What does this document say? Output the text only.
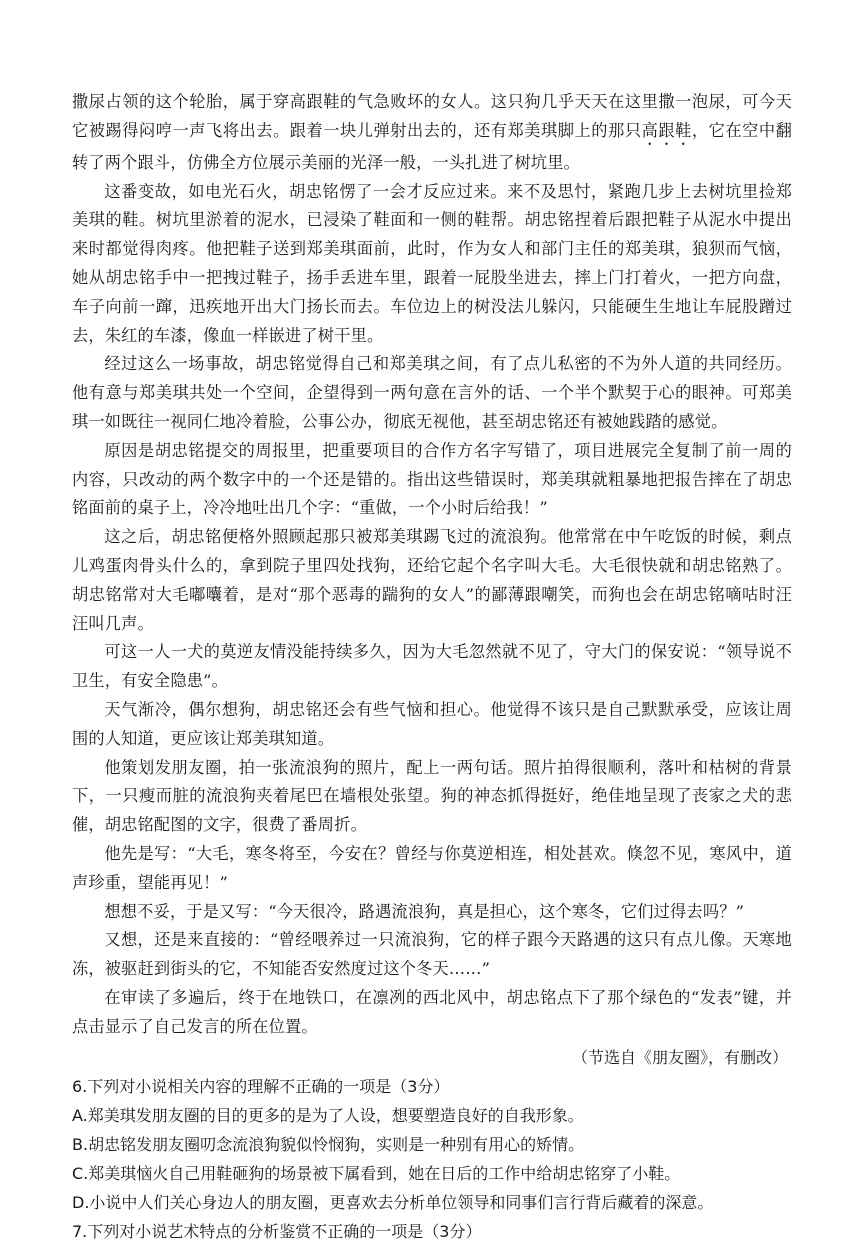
撒尿占领的这个轮胎，属于穿高跟鞋的气急败坏的女人。这只狗几乎天天在这里撒一泡尿，可今天它被踢得闷哼一声飞将出去。跟着一块儿弹射出去的，还有郑美琪脚上的那只高跟鞋，它在空中翻转了两个跟斗，仿佛全方位展示美丽的光泽一般，一头扎进了树坑里。

这番变故，如电光石火，胡忠铭愣了一会才反应过来。来不及思忖，紧跑几步上去树坑里捡郑美琪的鞋。树坑里淤着的泥水，已浸染了鞋面和一侧的鞋帮。胡忠铭捏着后跟把鞋子从泥水中提出来时都觉得肉疼。他把鞋子送到郑美琪面前，此时，作为女人和部门主任的郑美琪，狼狈而气恼，她从胡忠铭手中一把拽过鞋子，扬手丢进车里，跟着一屁股坐进去，摔上门打着火，一把方向盘，车子向前一蹿，迅疾地开出大门扬长而去。车位边上的树没法儿躲闪，只能硬生生地让车屁股蹭过去，朱红的车漆，像血一样嵌进了树干里。

经过这么一场事故，胡忠铭觉得自己和郑美琪之间，有了点儿私密的不为外人道的共同经历。他有意与郑美琪共处一个空间，企望得到一两句意在言外的话、一个半个默契于心的眼神。可郑美琪一如既往一视同仁地冷着脸，公事公办，彻底无视他，甚至胡忠铭还有被她践踏的感觉。

原因是胡忠铭提交的周报里，把重要项目的合作方名字写错了，项目进展完全复制了前一周的内容，只改动的两个数字中的一个还是错的。指出这些错误时，郑美琪就粗暴地把报告摔在了胡忠铭面前的桌子上，冷冷地吐出几个字：“重做，一个小时后给我！”

这之后，胡忠铭便格外照顾起那只被郑美琪踢飞过的流浪狗。他常常在中午吃饭的时候，剩点儿鸡蛋肉骨头什么的，拿到院子里四处找狗，还给它起个名字叫大毛。大毛很快就和胡忠铭熟了。胡忠铭常对大毛嘟囔着，是对“那个恶毒的踹狗的女人”的鄙薄跟嘲笑，而狗也会在胡忠铭嘀咕时汪汪叫几声。

可这一人一犬的莫逆友情没能持续多久，因为大毛忽然就不见了，守大门的保安说：“领导说不卫生，有安全隐患”。

天气渐冷，偶尔想狗，胡忠铭还会有些气恼和担心。他觉得不该只是自己默默承受，应该让周围的人知道，更应该让郑美琪知道。

他策划发朋友圈，拍一张流浪狗的照片，配上一两句话。照片拍得很顺利，落叶和枯树的背景下，一只瘦而脏的流浪狗夹着尾巴在墙根处张望。狗的神态抓得挺好，绝佳地呈现了丧家之犬的悲催，胡忠铭配图的文字，很费了番周折。

他先是写：“大毛，寒冬将至，今安在？曾经与你莫逆相连，相处甚欢。倏忽不见，寒风中，道声珍重，望能再见！”

想想不妥，于是又写：“今天很冷，路遇流浪狗，真是担心，这个寒冬，它们过得去吗？”

又想，还是来直接的：“曾经喂养过一只流浪狗，它的样子跟今天路遇的这只有点儿像。天寒地冻，被驱赶到街头的它，不知能否安然度过这个冬天……”

在审读了多遍后，终于在地铁口，在凛冽的西北风中，胡忠铭点下了那个绿色的“发表”键，并点击显示了自己发言的所在位置。

（节选自《朋友圈》，有删改）

6.下列对小说相关内容的理解不正确的一项是（3分）

A.郑美琪发朋友圈的目的更多的是为了人设，想要塑造良好的自我形象。

B.胡忠铭发朋友圈叨念流浪狗貌似怜悯狗，实则是一种别有用心的矫情。

C.郑美琪恼火自己用鞋砸狗的场景被下属看到，她在日后的工作中给胡忠铭穿了小鞋。

D.小说中人们关心身边人的朋友圈，更喜欢去分析单位领导和同事们言行背后藏着的深意。

7.下列对小说艺术特点的分析鉴赏不正确的一项是（3分）
